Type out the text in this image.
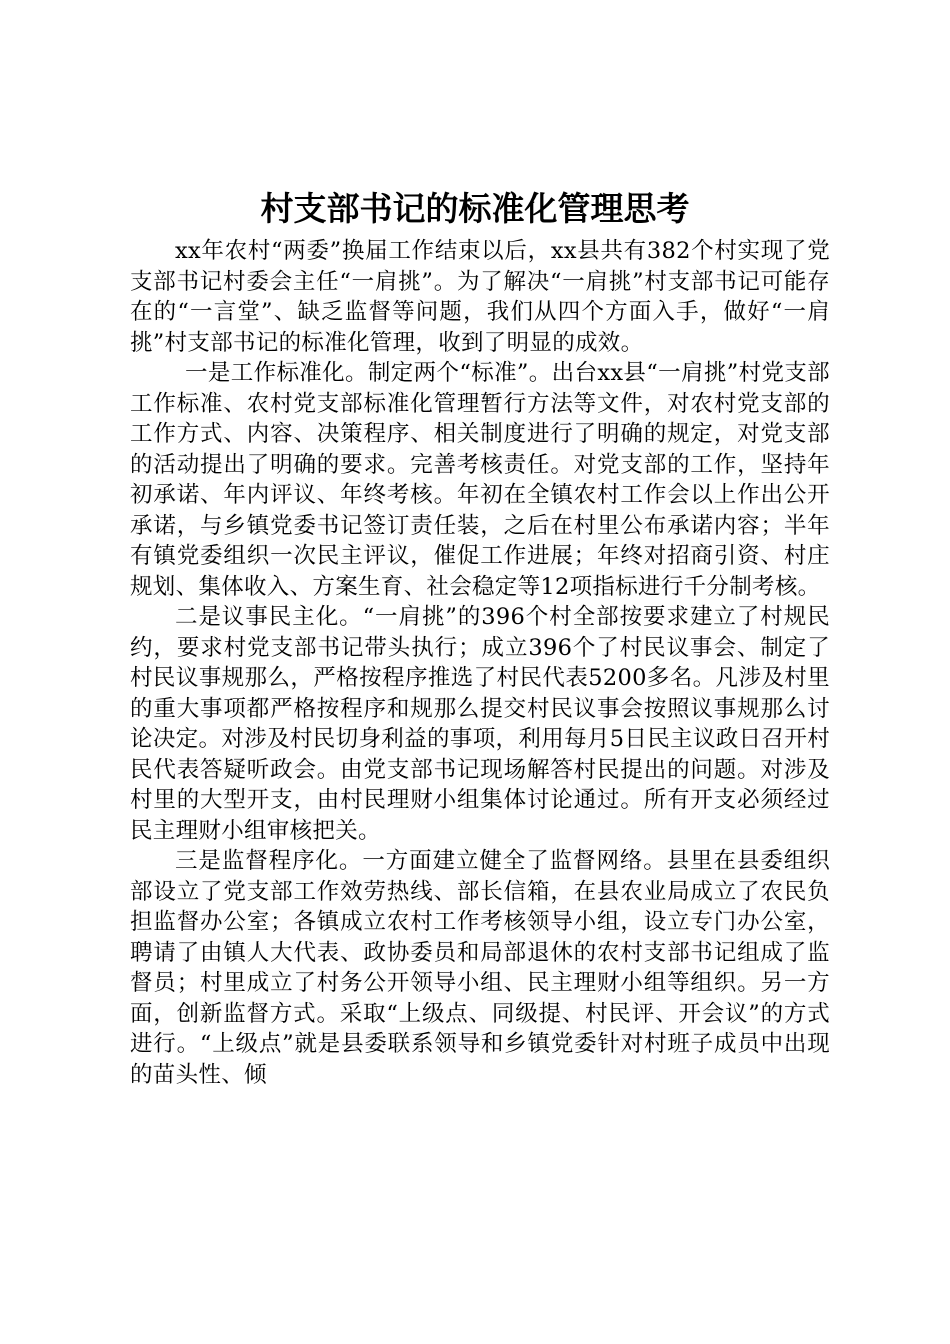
村支部书记的标准化管理思考

xx年农村“两委”换届工作结束以后，xx县共有382个村实现了党支部书记村委会主任“一肩挑”。为了解决“一肩挑”村支部书记可能存在的“一言堂”、缺乏监督等问题，我们从四个方面入手，做好“一肩挑”村支部书记的标准化管理，收到了明显的成效。

一是工作标准化。制定两个“标准”。出台xx县“一肩挑”村党支部工作标准、农村党支部标准化管理暂行方法等文件，对农村党支部的工作方式、内容、决策程序、相关制度进行了明确的规定，对党支部的活动提出了明确的要求。完善考核责任。对党支部的工作，坚持年初承诺、年内评议、年终考核。年初在全镇农村工作会以上作出公开承诺，与乡镇党委书记签订责任装，之后在村里公布承诺内容；半年有镇党委组织一次民主评议，催促工作进展；年终对招商引资、村庄规划、集体收入、方案生育、社会稳定等12项指标进行千分制考核。

二是议事民主化。“一肩挑”的396个村全部按要求建立了村规民约，要求村党支部书记带头执行；成立396个了村民议事会、制定了村民议事规那么，严格按程序推选了村民代表5200多名。凡涉及村里的重大事项都严格按程序和规那么提交村民议事会按照议事规那么讨论决定。对涉及村民切身利益的事项，利用每月5日民主议政日召开村民代表答疑听政会。由党支部书记现场解答村民提出的问题。对涉及村里的大型开支，由村民理财小组集体讨论通过。所有开支必须经过民主理财小组审核把关。

三是监督程序化。一方面建立健全了监督网络。县里在县委组织部设立了党支部工作效劳热线、部长信箱，在县农业局成立了农民负担监督办公室；各镇成立农村工作考核领导小组，设立专门办公室，聘请了由镇人大代表、政协委员和局部退休的农村支部书记组成了监督员；村里成立了村务公开领导小组、民主理财小组等组织。另一方面，创新监督方式。采取“上级点、同级提、村民评、开会议”的方式进行。“上级点”就是县委联系领导和乡镇党委针对村班子成员中出现的苗头性、倾
